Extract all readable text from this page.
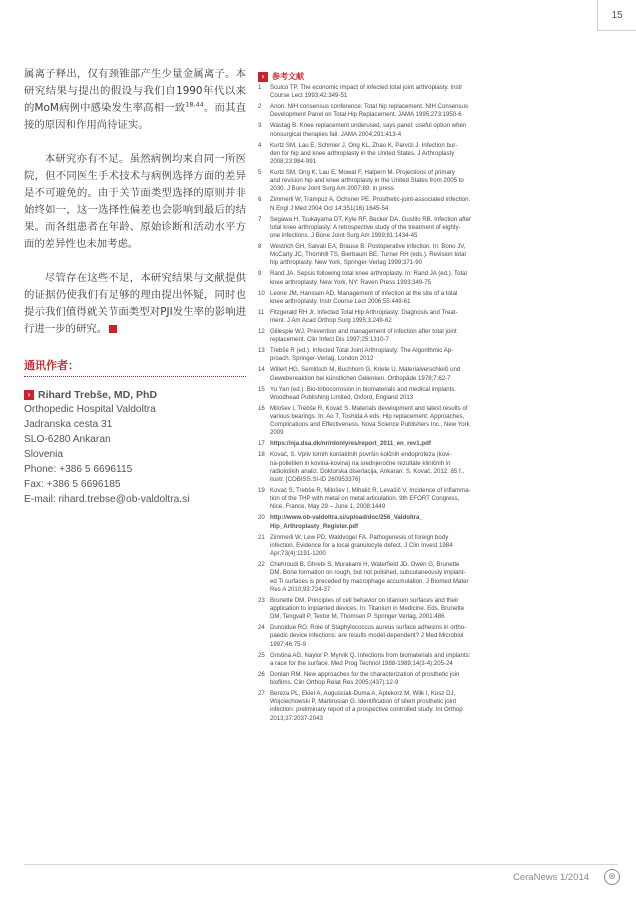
15

属离子释出，仅有颈锥部产生少量金属离子。本研究结果与提出的假设与我们自1990年代以来的MoM病例中感染发生率高相一致$^{18,44}$。而其直接的原因和作用尚待证实。

本研究亦有不足。虽然病例均来自同一所医院，但不同医生手术技术与病例选择方面的差异是不可避免的。由于关节面类型选择的原则并非始终如一，这一选择性偏差也会影响到最后的结果。而各组患者在年龄、原始诊断和活动水平方面的差异性也未加考虑。

尽管存在这些不足，本研究结果与文献提供的证据仍使我们有足够的理由提出怀疑，同时也提示我们值得就关节面类型对PJI发生率的影响进行进一步的研究。

通讯作者：
› Rihard Trebše, MD, PhD
Orthopedic Hospital Valdoltra
Jadranska cesta 31
SLO-6280 Ankaran
Slovenia
Phone: +386 5 6696115
Fax: +386 5 6696185
E-mail: rihard.trebse@ob-valdoltra.si
› 参考文献
1	Sculco TP. The economic impact of infected total joint arthroplasty. Instr
Course Lect 1993;42:349-51
2	Anon. NIH consensus conference: Total hip replacement. NIH Consensus
Development Panel on Total Hip Replacement. JAMA 1995;273:1950-6
3	Wastag B. Knee replacement underused, says panel: useful option when
nonsurgical therapies fail. JAMA 2004;291:413-4
4	Kurtz SM, Lau E, Schmier J, Ong KL, Zhao K, Parvizi J. Infection bur-
den for hip and knee arthroplasty in the United States. J Arthroplasty
2008;23:984-991
5	Kurtz SM, Ong K, Lau E, Mowat F, Halpern M. Projections of primary
and revision hip and knee arthroplasty in the United States from 2005 to
2030. J Bone Joint Surg Am 2007;89: in press
6	Zimmerli W, Trampuz A, Ochsner PE. Prosthetic-joint-associated infection.
N Engl J Med 2004 Oct 14;351(16):1645-54
7	Segawa H, Tsukayama DT, Kyle RF, Becker DA, Gustilo RB. Infection after
total knee arthroplasty: A retrospective study of the treatment of eighty-
one infections. J Bone Joint Surg Am 1999;81:1434-45
8	Westrich GH, Salvati EA, Brause B. Postoperative infection. In: Bono JV,
McCarty JC, Thornhill TS, Bierbaum BE, Turner RH (eds.). Revision total
hip arthroplasty. New York, Springer-Verlag 1999;371-90
9	Rand JA. Sepsis following total knee arthroplasty. In: Rand JA (ed.). Total
knee arthroplasty. New York, NY: Raven Press 1993;349-75
10 Leone JM, Hanssen AD. Management of infection at the site of a total
knee arthroplasty. Instr Course Lect 2006;55:449-61
11 Fitzgerald RH Jr. Infected Total Hip Arthroplasty: Diagnosis and Treat-
ment. J Am Acad Orthop Surg 1995;3:249-62
12 Gillespie WJ. Prevention and management of infection after total joint
replacement. Clin Infect Dis 1997;25:1310-7
13 Trebše R (ed.). Infected Total Joint Arthroplasty: The Algorithmic Ap-
proach. Springer-Verlag, London 2012
14 Willert HG, Semlitsch M, Buchhorn G, Kriete U. Materialverschleiß und
Gewebereaktion bei künstlichen Gelenken. Orthopäde 1978;7:62-7
15 Yu Yan (ed.). Bio-tribocorrosion in biomaterials and medical implants.
Woodhead Publishing Limited, Oxford, England 2013
16 Milošev I, Trebše R, Kovač S. Materials development and latest results of
various bearings. In: Ao T, Toshida A eds. Hip replacement: Approaches,
Complications and Effectiveness. Nova Science Publishers Inc., New York
2009
17 https://nja.dsa.dk/nr/rdonlyres/report_2011_en_rev1.pdf
18 Kovač, S. Vpliv tornih kontaktnih površin kolčnih endoproteza (kovi-
na-polietilen in kovina-kovina) na srednjeročne rezultate kliničnih in
radioloških analiz. Doktorska disertacija, Ankaran: S. Kovač, 2012. 85 f.,
ilustr. [COBISS.SI-ID 260953376]
19 Kovač S, Trebše R, Milošev I, Mihalič R, Levašič V. Incidence of inflamma-
tion of the THP with metal on metal articulation. 9th EFORT Congress,
Nice, France, May 29 – June 1, 2008:1449
20 http://www.ob-valdoltra.si/upload/doc/256_Valdoltra_
Hip_Arthroplasty_Register.pdf
21 Zimmerli W, Lew PD, Waldvogel FA. Pathogenesis of foreign body
infection. Evidence for a local granulocyte defect. J Clin Invest 1984
Apr;73(4):1191-1200
22 Chehroudi B, Ghrebi S, Murakami H, Waterfield JD, Owen G, Brunette
DM. Bone formation on rough, but not polished, subcutaneously implant-
ed Ti surfaces is preceded by macrophage accumulation. J Biomed Mater
Res A 2010;93:724-37
23 Brunette DM. Principles of cell behavior on titanium surfaces and their
application to implanted devices. In: Titanium in Medicine. Eds. Brunette
DM, Tengvall P, Textor M, Thomsen P. Springer Verlag, 2001:486
24 Dunoidue RO. Role of Staphylococcus aureus surface adhesins in ortho-
paedic device infections: are results model-dependent? J Med Microbiol
1997;46:75-9
25 Gristina AG, Naylor P, Myrvik Q. Infections from biomaterials and implants:
a race for the surface. Med Prog Technol 1988-1989;14(3-4):205-24
26 Donlan RM. New approaches for the characterization of prosthetic join
biofilms. Clin Orthop Relat Res 2005;(437):12-9
27 Bereza PL, Ekiel A, Auguściak-Duma A, Aptekorz M, Wilk I, Kusz DJ,
Wojciechowski P, Martirosian G. Identification of silent prosthetic joint
infection: preliminary report of a prospective controlled study. Int Orthop
2013;37:2037-2043
CeraNews 1/2014	⊛
